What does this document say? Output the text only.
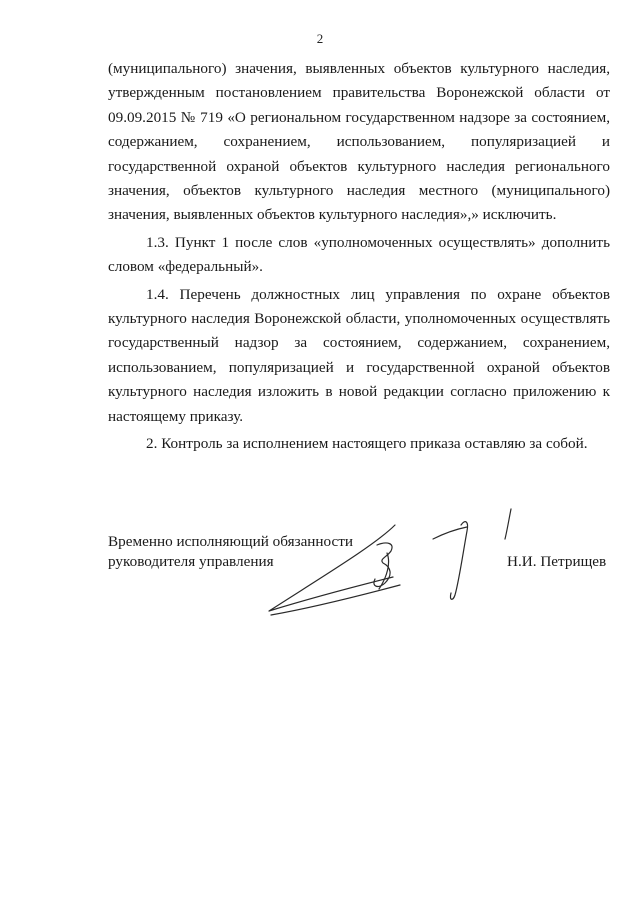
2

(муниципального) значения, выявленных объектов культурного наследия, утвержденным постановлением правительства Воронежской области от 09.09.2015 № 719 «О региональном государственном надзоре за состоянием, содержанием, сохранением, использованием, популяризацией и государственной охраной объектов культурного наследия регионального значения, объектов культурного наследия местного (муниципального) значения, выявленных объектов культурного наследия»,» исключить.

1.3. Пункт 1 после слов «уполномоченных осуществлять» дополнить словом «федеральный».

1.4. Перечень должностных лиц управления по охране объектов культурного наследия Воронежской области, уполномоченных осуществлять государственный надзор за состоянием, содержанием, сохранением, использованием, популяризацией и государственной охраной объектов культурного наследия изложить в новой редакции согласно приложению к настоящему приказу.

2. Контроль за исполнением настоящего приказа оставляю за собой.

Временно исполняющий обязанности
руководителя управления	Н.И. Петрищев
